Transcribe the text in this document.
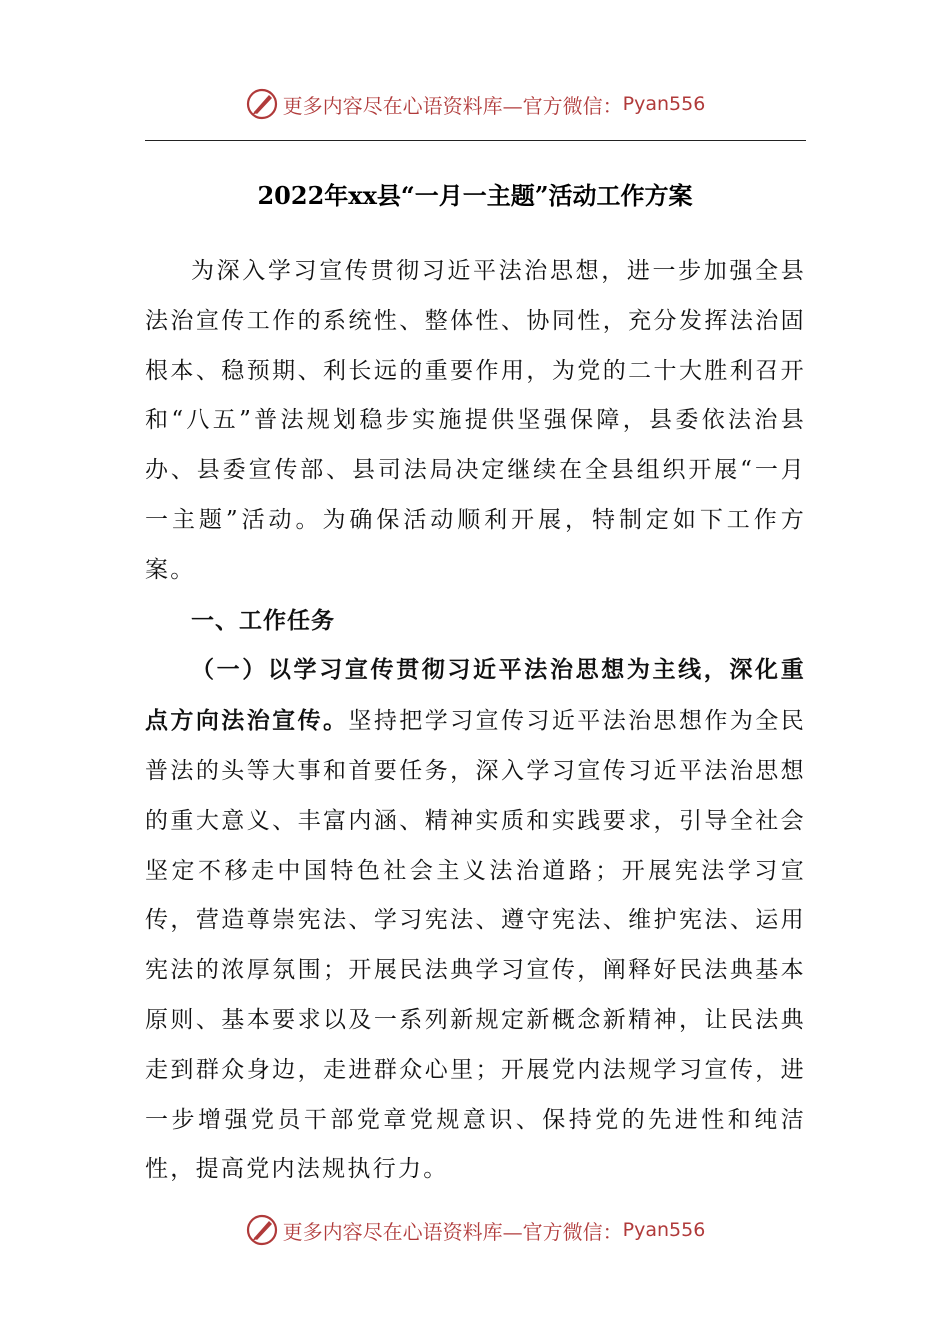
更多内容尽在心语资料库—官方微信： Pyan556
2022年xx县“一月一主题”活动工作方案

为深入学习宣传贯彻习近平法治思想，进一步加强全县法治宣传工作的系统性、整体性、协同性，充分发挥法治固根本、稳预期、利长远的重要作用，为党的二十大胜利召开和“八五”普法规划稳步实施提供坚强保障，县委依法治县办、县委宣传部、县司法局决定继续在全县组织开展“一月一主题”活动。为确保活动顺利开展，特制定如下工作方案。

一、工作任务

（一）以学习宣传贯彻习近平法治思想为主线，深化重点方向法治宣传。坚持把学习宣传习近平法治思想作为全民普法的头等大事和首要任务，深入学习宣传习近平法治思想的重大意义、丰富内涵、精神实质和实践要求，引导全社会坚定不移走中国特色社会主义法治道路；开展宪法学习宣传，营造尊崇宪法、学习宪法、遵守宪法、维护宪法、运用宪法的浓厚氛围；开展民法典学习宣传，阐释好民法典基本原则、基本要求以及一系列新规定新概念新精神，让民法典走到群众身边，走进群众心里；开展党内法规学习宣传，进一步增强党员干部党章党规意识、保持党的先进性和纯洁性，提高党内法规执行力。

更多内容尽在心语资料库—官方微信： Pyan556
